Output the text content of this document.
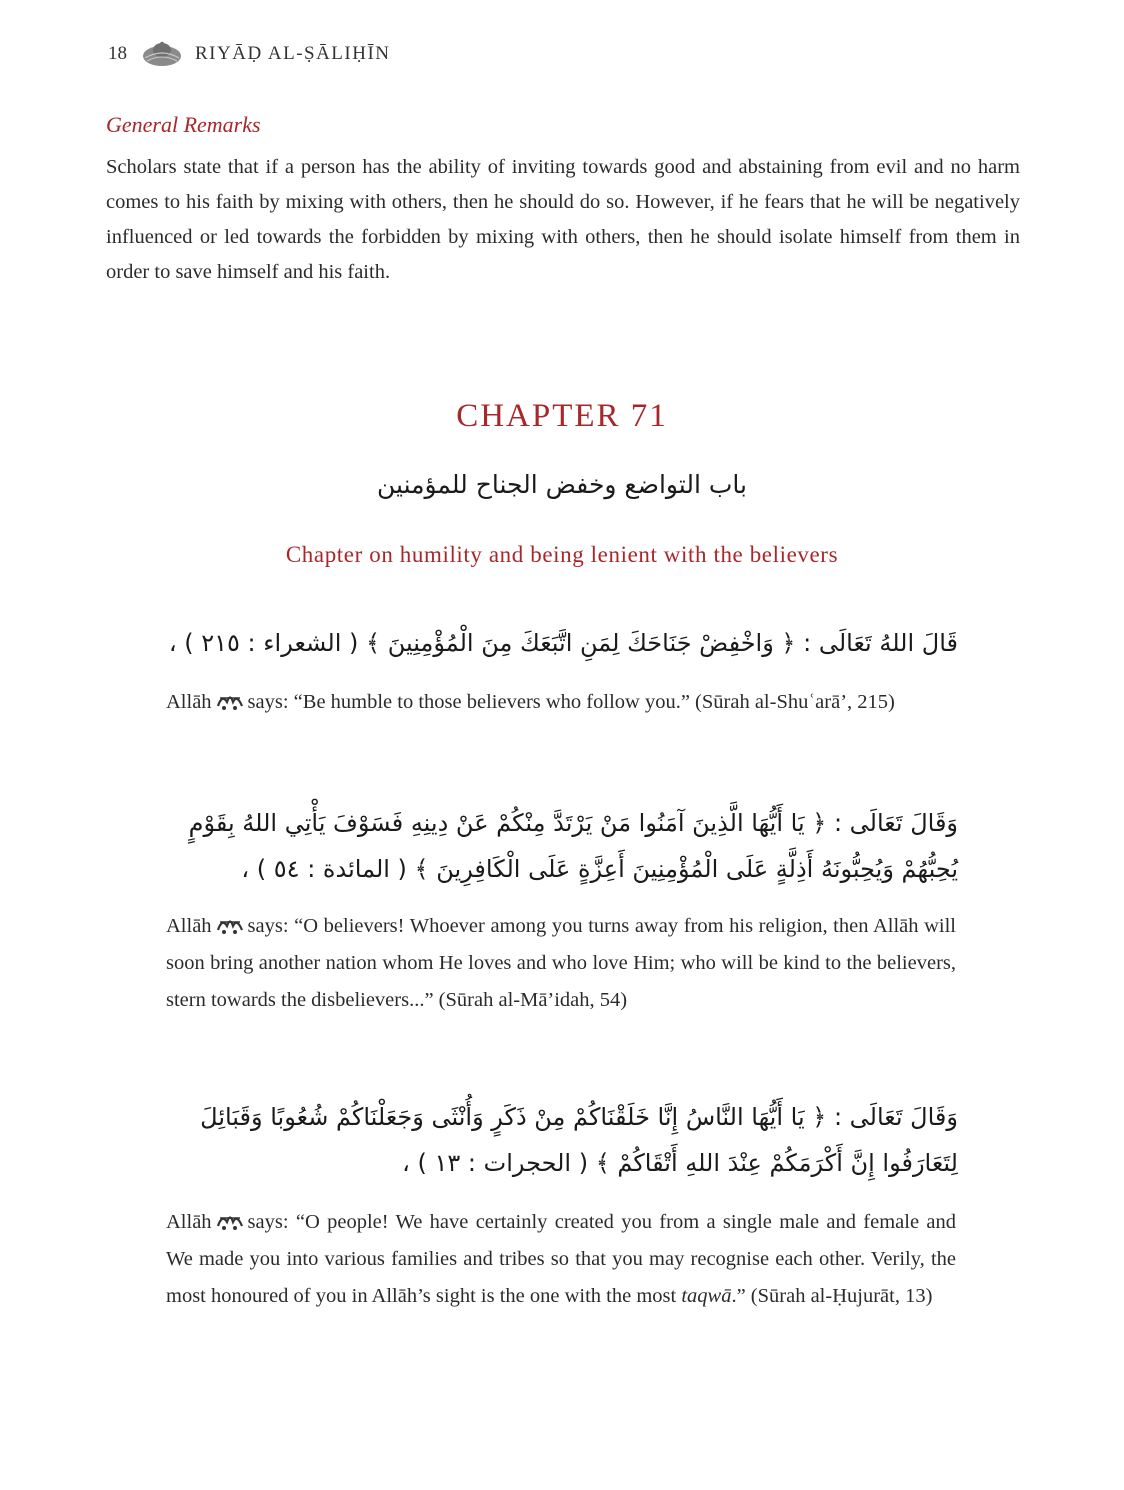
18	RIYĀḌ AL-ṢĀLIḤĪN
General Remarks
Scholars state that if a person has the ability of inviting towards good and abstaining from evil and no harm comes to his faith by mixing with others, then he should do so. However, if he fears that he will be negatively influenced or led towards the forbidden by mixing with others, then he should isolate himself from them in order to save himself and his faith.
CHAPTER 71
باب التواضع وخفض الجناح للمؤمنين
Chapter on humility and being lenient with the believers
قَالَ اللهُ تَعَالَى : ﴿ وَاخْفِضْ جَنَاحَكَ لِمَنِ اتَّبَعَكَ مِنَ الْمُؤْمِنِينَ ﴾ ( الشعراء : ٢١٥ ) ،
Allāh says: “Be humble to those believers who follow you.” (Sūrah al-Shuʿarā’, 215)
وَقَالَ تَعَالَى : ﴿ يَا أَيُّهَا الَّذِينَ آمَنُوا مَنْ يَرْتَدَّ مِنْكُمْ عَنْ دِينِهِ فَسَوْفَ يَأْتِي اللهُ بِقَوْمٍ يُحِبُّهُمْ وَيُحِبُّونَهُ أَذِلَّةٍ عَلَى الْمُؤْمِنِينَ أَعِزَّةٍ عَلَى الْكَافِرِينَ ﴾ ( المائدة : ٥٤ ) ،
Allāh says: “O believers! Whoever among you turns away from his religion, then Allāh will soon bring another nation whom He loves and who love Him; who will be kind to the believers, stern towards the disbelievers...” (Sūrah al-Mā’idah, 54)
وَقَالَ تَعَالَى : ﴿ يَا أَيُّهَا النَّاسُ إِنَّا خَلَقْنَاكُمْ مِنْ ذَكَرٍ وَأُنْثَى وَجَعَلْنَاكُمْ شُعُوبًا وَقَبَائِلَ لِتَعَارَفُوا إِنَّ أَكْرَمَكُمْ عِنْدَ اللهِ أَتْقَاكُمْ ﴾ ( الحجرات : ١٣ ) ،
Allāh says: “O people! We have certainly created you from a single male and female and We made you into various families and tribes so that you may recognise each other. Verily, the most honoured of you in Allāh’s sight is the one with the most taqwā.” (Sūrah al-Ḥujurāt, 13)
